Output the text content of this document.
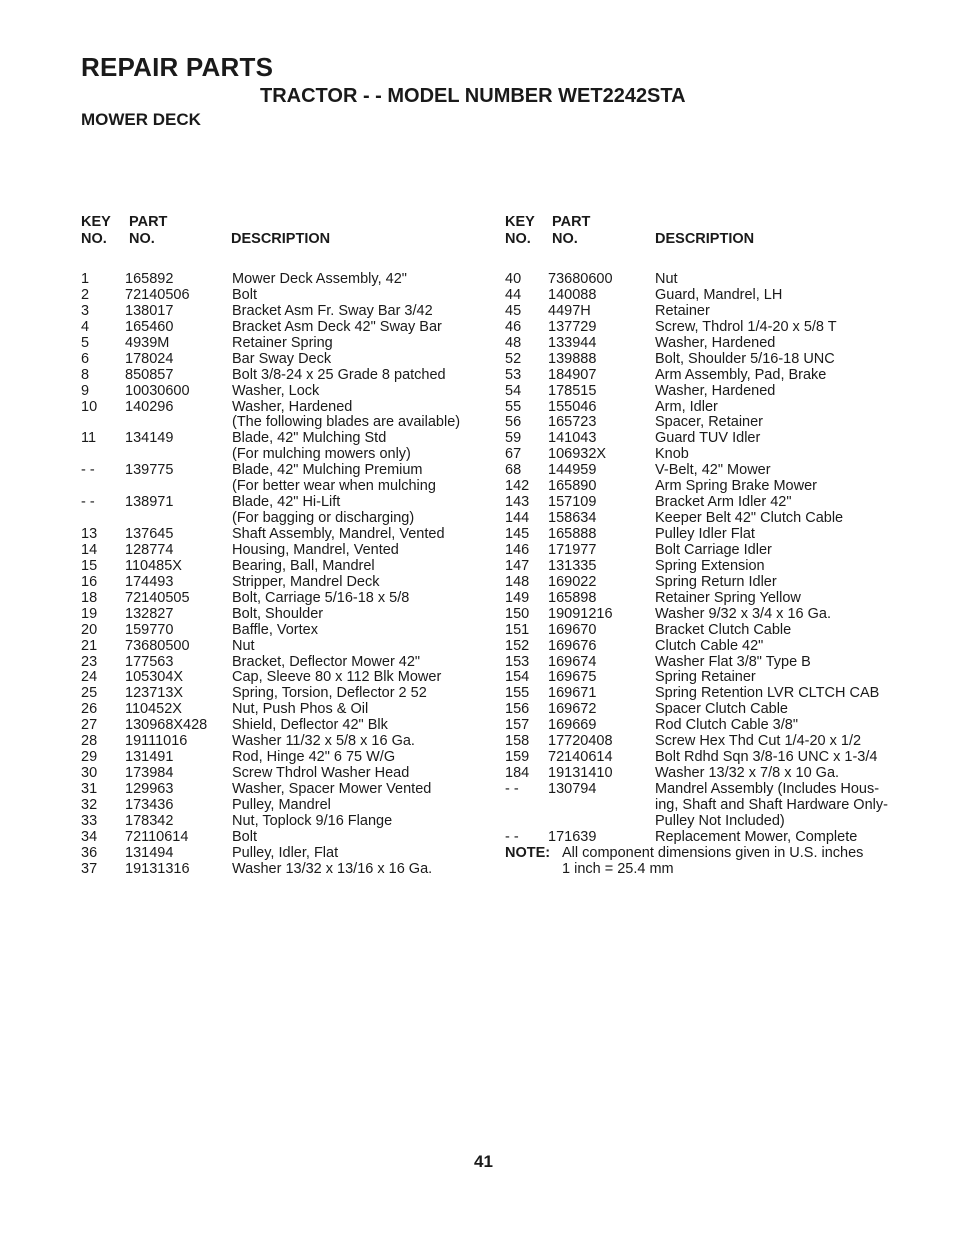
REPAIR PARTS
TRACTOR - - MODEL NUMBER WET2242STA
MOWER DECK
KEY
NO.
PART
NO.	DESCRIPTION
1 165892	Mower Deck Assembly, 42"
2 72140506	Bolt
3 138017	Bracket Asm Fr. Sway Bar 3/42
4 165460	Bracket Asm Deck 42" Sway Bar
5 4939M	Retainer Spring
6 178024	Bar Sway Deck
8 850857	Bolt 3/8-24 x 25 Grade 8 patched
9 10030600	Washer, Lock
10 140296	Washer, Hardened
(The following blades are available)
11 134149	Blade, 42" Mulching Std
(For mulching mowers only)
- - 139775	Blade, 42" Mulching Premium
(For better wear when mulching
- - 138971	Blade, 42" Hi-Lift
(For bagging or discharging)
13 137645	Shaft Assembly, Mandrel, Vented
14 128774	Housing, Mandrel, Vented
15 110485X	Bearing, Ball, Mandrel
16 174493	Stripper, Mandrel Deck
18 72140505	Bolt, Carriage 5/16-18 x 5/8
19 132827	Bolt, Shoulder
20 159770	Baffle, Vortex
21 73680500	Nut
23 177563	Bracket, Deflector Mower 42"
24 105304X	Cap, Sleeve 80 x 112 Blk Mower
25 123713X	Spring, Torsion, Deflector 2 52
26 110452X	Nut, Push Phos & Oil
27 130968X428 Shield, Deflector 42" Blk
28 19111016	Washer 11/32 x 5/8 x 16 Ga.
29 131491	Rod, Hinge 42" 6 75 W/G
30 173984	Screw Thdrol Washer Head
31 129963	Washer, Spacer Mower Vented
32 173436	Pulley, Mandrel
33 178342	Nut, Toplock 9/16 Flange
34 72110614	Bolt
36 131494	Pulley, Idler, Flat
37 19131316	Washer 13/32 x 13/16 x 16 Ga.
KEY
NO.
PART
NO.	DESCRIPTION
40 73680600	Nut
44 140088	Guard, Mandrel, LH
45 4497H	Retainer
46 137729	Screw, Thdrol 1/4-20 x 5/8 T
48 133944	Washer, Hardened
52 139888	Bolt, Shoulder 5/16-18 UNC
53 184907	Arm Assembly, Pad, Brake
54 178515	Washer, Hardened
55 155046	Arm, Idler
56 165723	Spacer, Retainer
59 141043	Guard TUV Idler
67 106932X	Knob
68 144959	V-Belt, 42" Mower
142 165890	Arm Spring Brake Mower
143 157109	Bracket Arm Idler 42"
144 158634	Keeper Belt 42" Clutch Cable
145 165888	Pulley Idler Flat
146 171977	Bolt Carriage Idler
147 131335	Spring Extension
148 169022	Spring Return Idler
149 165898	Retainer Spring Yellow
150 19091216	Washer 9/32 x 3/4 x 16 Ga.
151 169670	Bracket Clutch Cable
152 169676	Clutch Cable 42"
153 169674	Washer Flat 3/8" Type B
154 169675	Spring Retainer
155 169671	Spring Retention LVR CLTCH CAB
156 169672	Spacer Clutch Cable
157 169669	Rod Clutch Cable 3/8"
158 17720408	Screw Hex Thd Cut 1/4-20 x 1/2
159 72140614	Bolt Rdhd Sqn 3/8-16 UNC x 1-3/4
184 19131410	Washer 13/32 x 7/8 x 10 Ga.
- - 130794	Mandrel Assembly (Includes Hous-
ing, Shaft and Shaft Hardware Only-
Pulley Not Included)
- - 171639	Replacement Mower, Complete
NOTE: All component dimensions given in U.S. inches
1 inch = 25.4 mm
41
